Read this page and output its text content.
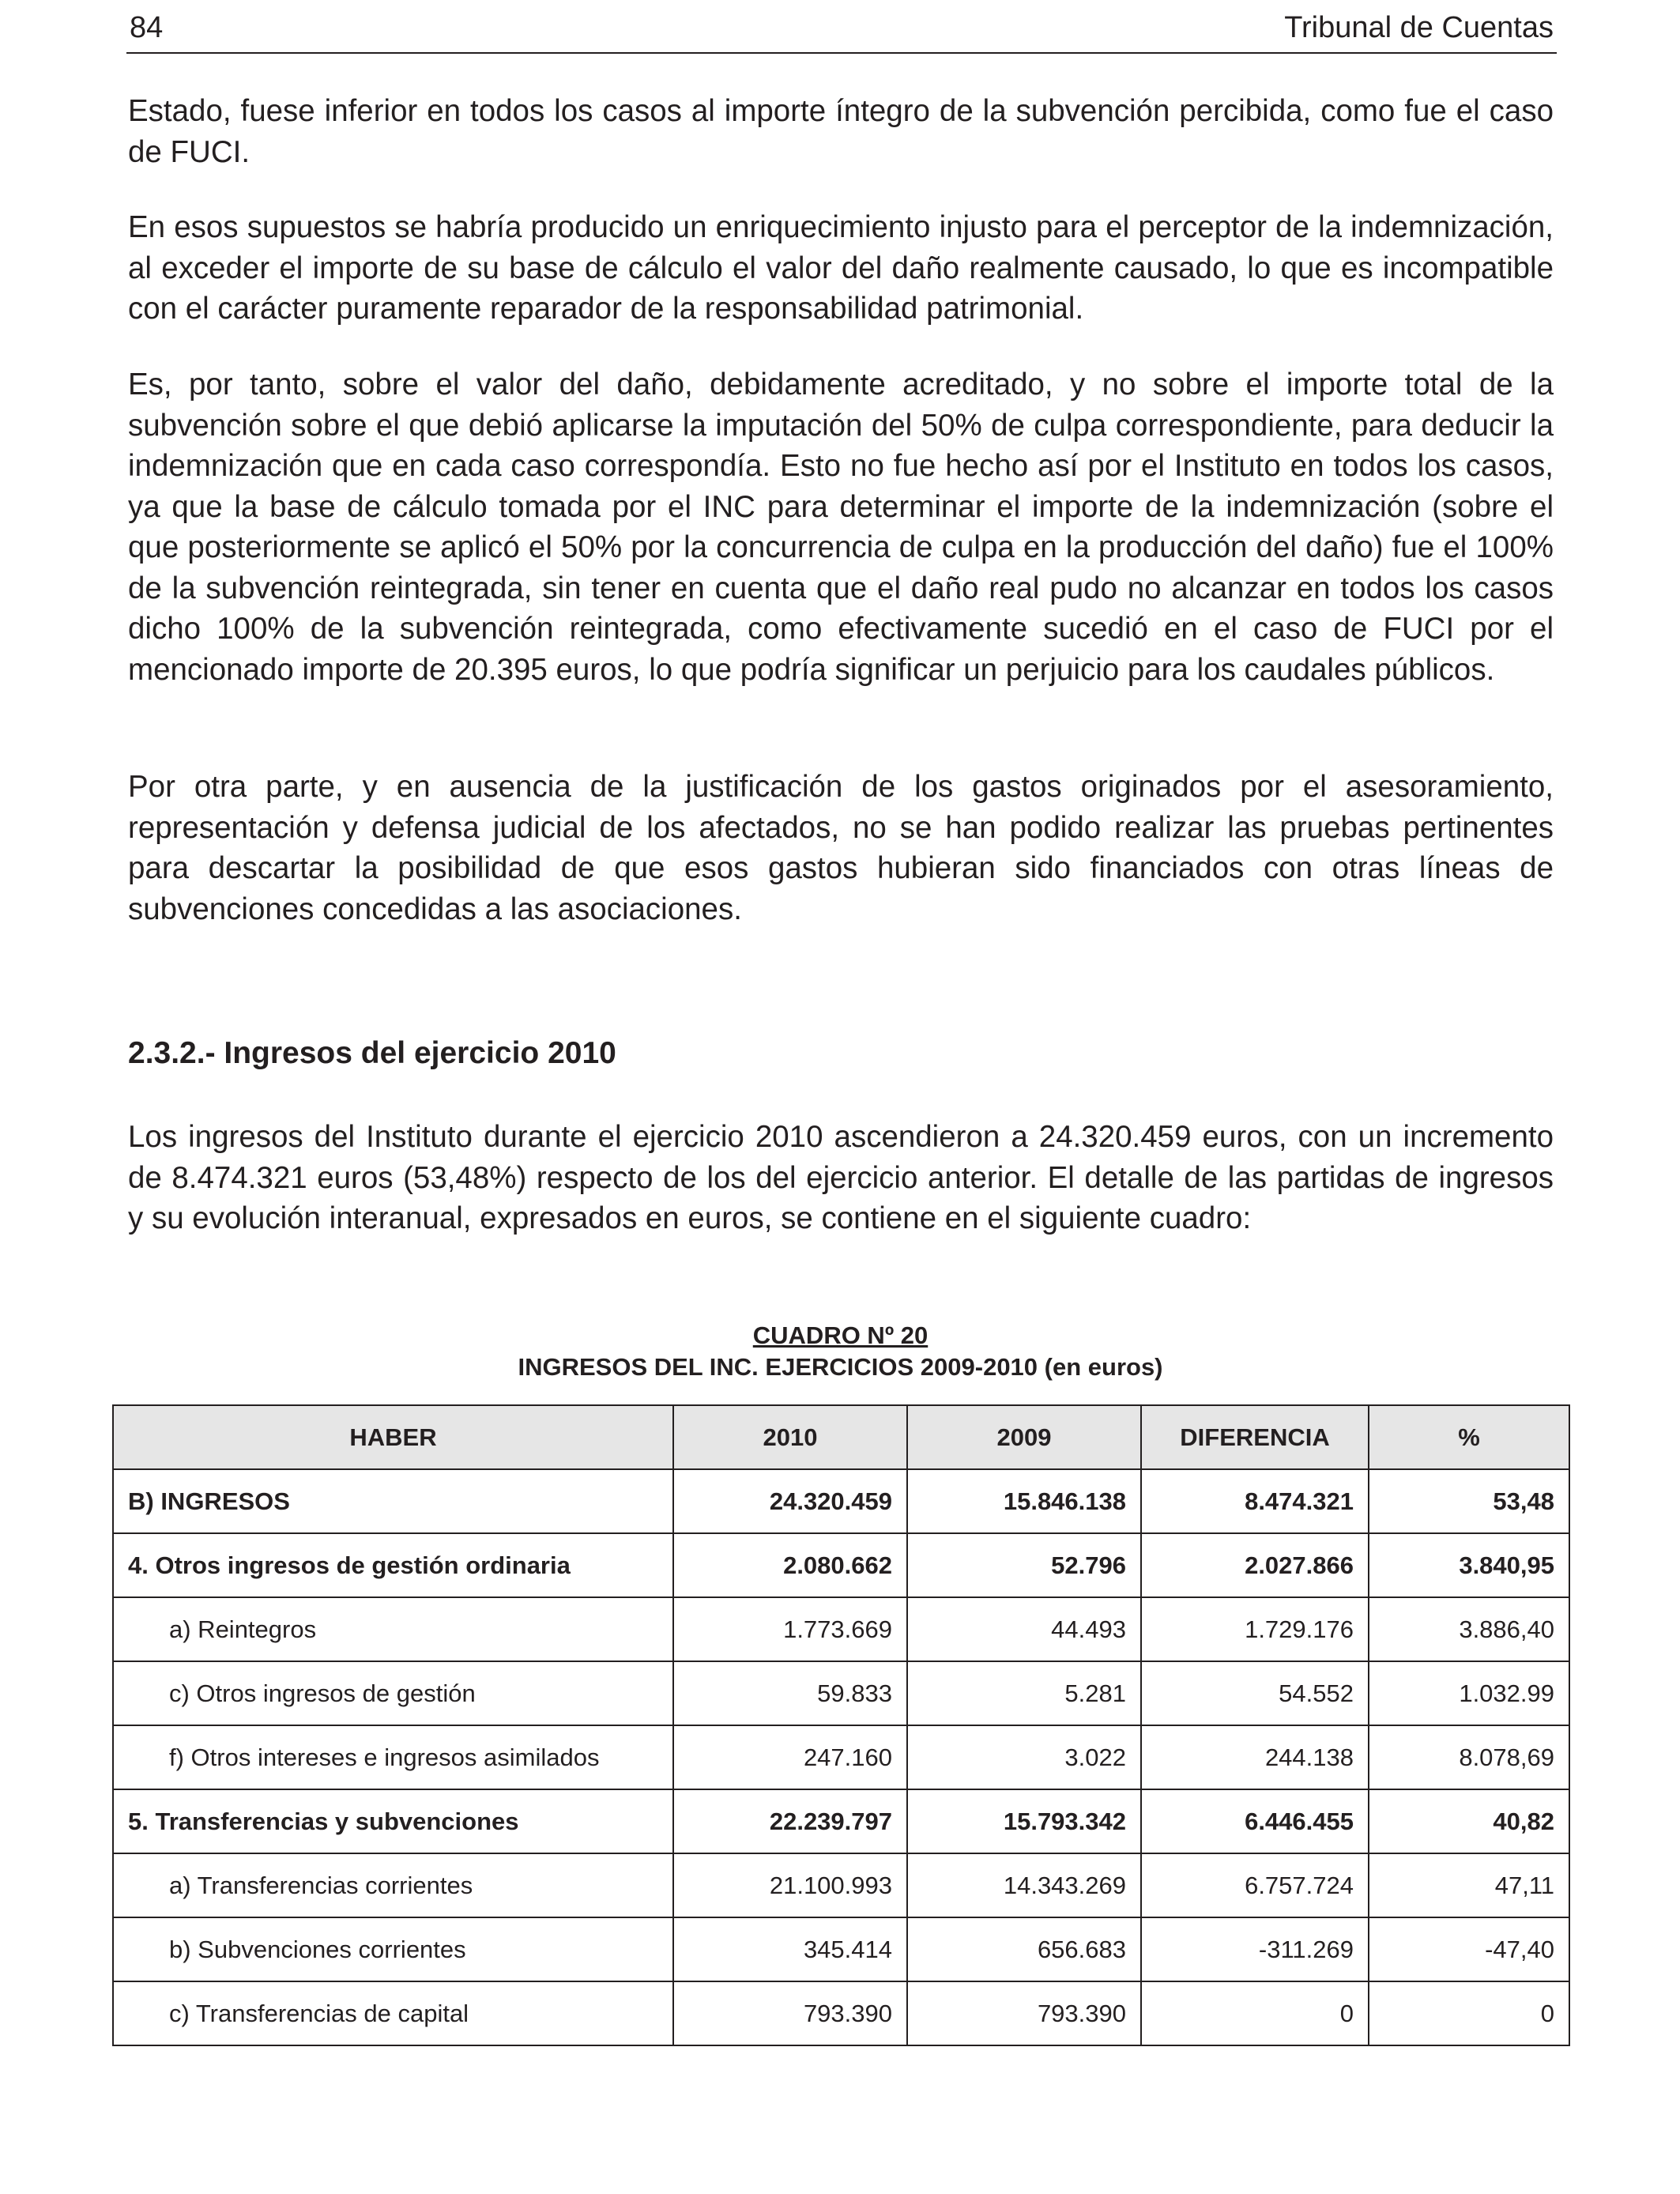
84	Tribunal de Cuentas

Estado, fuese inferior en todos los casos al importe íntegro de la subvención percibida, como fue el caso de FUCI.

En esos supuestos se habría producido un enriquecimiento injusto para el perceptor de la indemnización, al exceder el importe de su base de cálculo el valor del daño realmente causado, lo que es incompatible con el carácter puramente reparador de la responsabilidad patrimonial.

Es, por tanto, sobre el valor del daño, debidamente acreditado, y no sobre el importe total de la subvención sobre el que debió aplicarse la imputación del 50% de culpa correspondiente, para deducir la indemnización que en cada caso correspondía. Esto no fue hecho así por el Instituto en todos los casos, ya que la base de cálculo tomada por el INC para determinar el importe de la indemnización (sobre el que posteriormente se aplicó el 50% por la concurrencia de culpa en la producción del daño) fue el 100% de la subvención reintegrada, sin tener en cuenta que el daño real pudo no alcanzar en todos los casos dicho 100% de la subvención reintegrada, como efectivamente sucedió en el caso de FUCI por el mencionado importe de 20.395 euros, lo que podría significar un perjuicio para los caudales públicos.

Por otra parte, y en ausencia de la justificación de los gastos originados por el asesoramiento, representación y defensa judicial de los afectados, no se han podido realizar las pruebas pertinentes para descartar la posibilidad de que esos gastos hubieran sido financiados con otras líneas de subvenciones concedidas a las asociaciones.

2.3.2.- Ingresos del ejercicio 2010

Los ingresos del Instituto durante el ejercicio 2010 ascendieron a 24.320.459 euros, con un incremento de 8.474.321 euros (53,48%) respecto de los del ejercicio anterior. El detalle de las partidas de ingresos y su evolución interanual, expresados en euros, se contiene en el siguiente cuadro:

CUADRO Nº 20
INGRESOS DEL INC. EJERCICIOS 2009-2010 (en euros)
HABER	2010	2009	DIFERENCIA	%
B) INGRESOS	24.320.459	15.846.138	8.474.321	53,48
4. Otros ingresos de gestión ordinaria	2.080.662	52.796	2.027.866	3.840,95
a) Reintegros	1.773.669	44.493	1.729.176	3.886,40
c) Otros ingresos de gestión	59.833	5.281	54.552	1.032.99
f) Otros intereses e ingresos asimilados	247.160	3.022	244.138	8.078,69
5. Transferencias y subvenciones	22.239.797	15.793.342	6.446.455	40,82
a) Transferencias corrientes	21.100.993	14.343.269	6.757.724	47,11
b) Subvenciones corrientes	345.414	656.683	-311.269	-47,40
c) Transferencias de capital	793.390	793.390	0	0
